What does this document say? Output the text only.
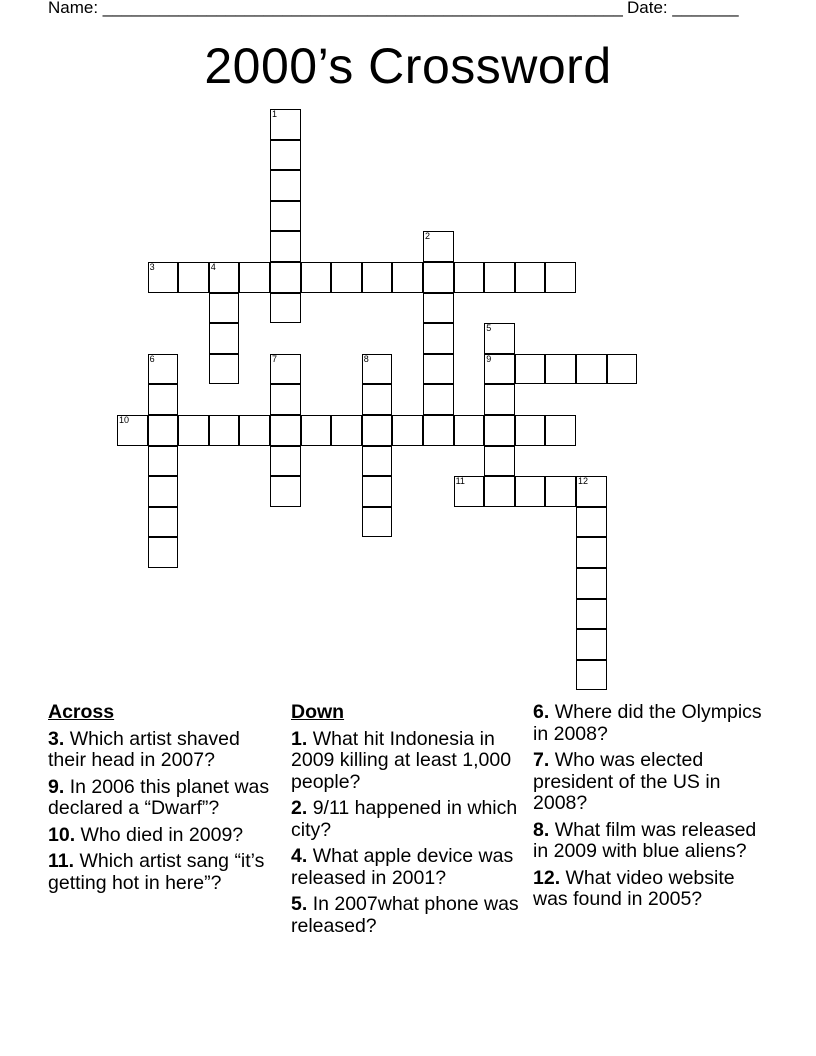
Name: _______________________________________________________ Date: _______
2000’s Crossword
1
2
3	4
5
9
6	7	8
10
11	12
Across
3. Which artist shaved their head in 2007?
9. In 2006 this planet was declared a “Dwarf”?
10. Who died in 2009?
11. Which artist sang “it’s getting hot in here”?
Down
1. What hit Indonesia in 2009 killing at least 1,000 people?
2. 9/11 happened in which city?
4. What apple device was released in 2001?
5. In 2007what phone was released?
6. Where did the Olympics in 2008?
7. Who was elected president of the US in 2008?
8. What film was released in 2009 with blue aliens?
12. What video website was found in 2005?
